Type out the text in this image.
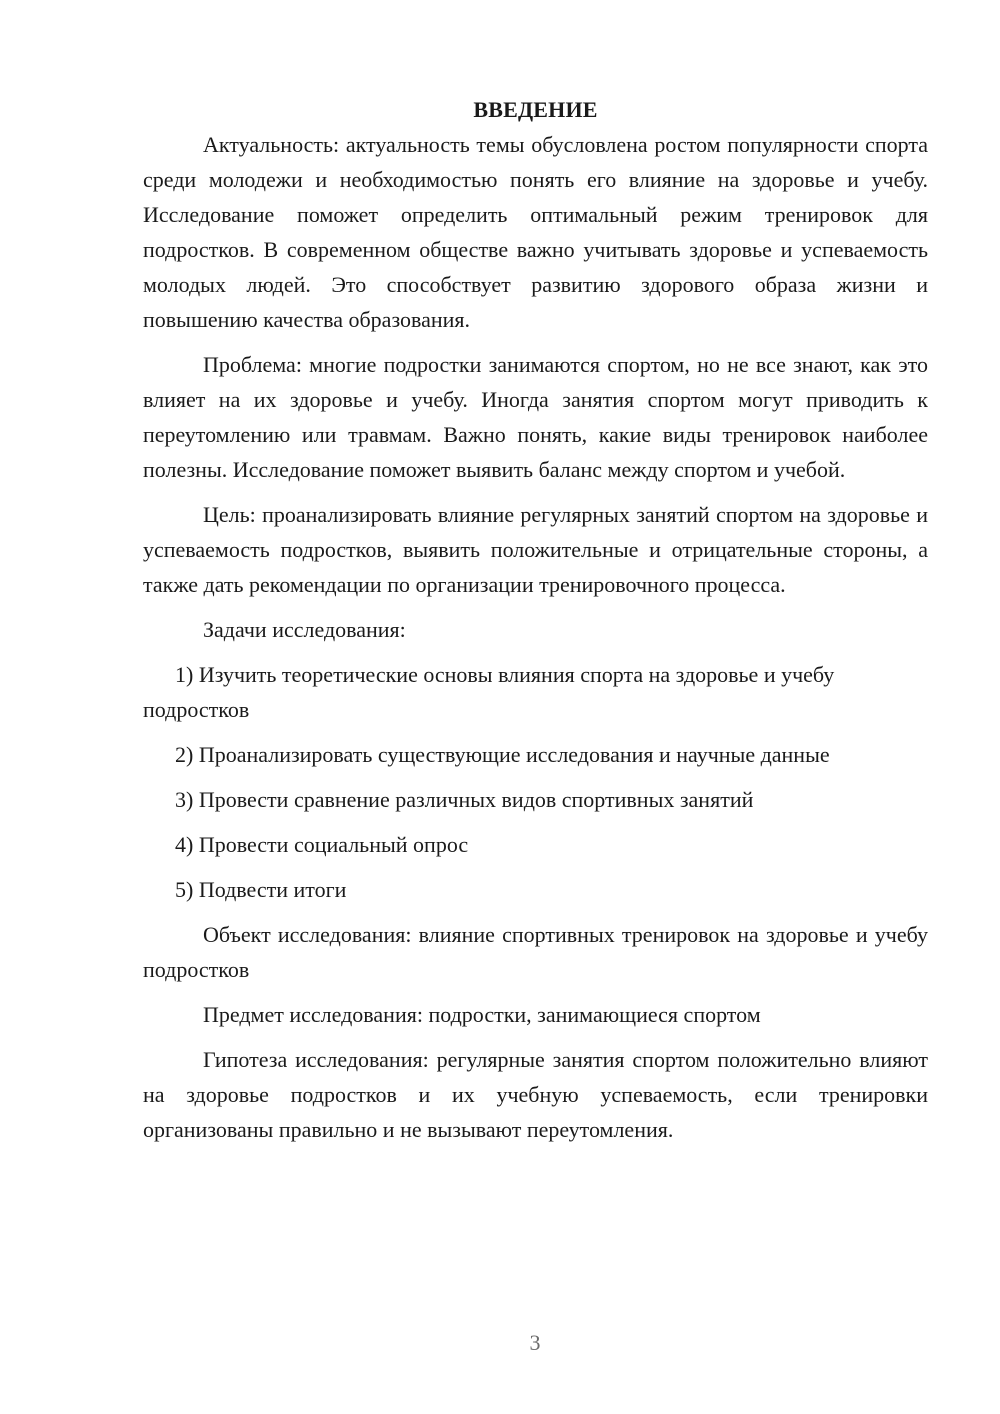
ВВЕДЕНИЕ

Актуальность: актуальность темы обусловлена ростом популярности спорта среди молодежи и необходимостью понять его влияние на здоровье и учебу. Исследование поможет определить оптимальный режим тренировок для подростков. В современном обществе важно учитывать здоровье и успеваемость молодых людей. Это способствует развитию здорового образа жизни и повышению качества образования.

Проблема: многие подростки занимаются спортом, но не все знают, как это влияет на их здоровье и учебу. Иногда занятия спортом могут приводить к переутомлению или травмам. Важно понять, какие виды тренировок наиболее полезны. Исследование поможет выявить баланс между спортом и учебой.

Цель: проанализировать влияние регулярных занятий спортом на здоровье и успеваемость подростков, выявить положительные и отрицательные стороны, а также дать рекомендации по организации тренировочного процесса.

Задачи исследования:

1) Изучить теоретические основы влияния спорта на здоровье и учебу подростков

2) Проанализировать существующие исследования и научные данные

3) Провести сравнение различных видов спортивных занятий

4) Провести социальный опрос

5) Подвести итоги

Объект исследования: влияние спортивных тренировок на здоровье и учебу подростков

Предмет исследования: подростки, занимающиеся спортом

Гипотеза исследования: регулярные занятия спортом положительно влияют на здоровье подростков и их учебную успеваемость, если тренировки организованы правильно и не вызывают переутомления.

3
